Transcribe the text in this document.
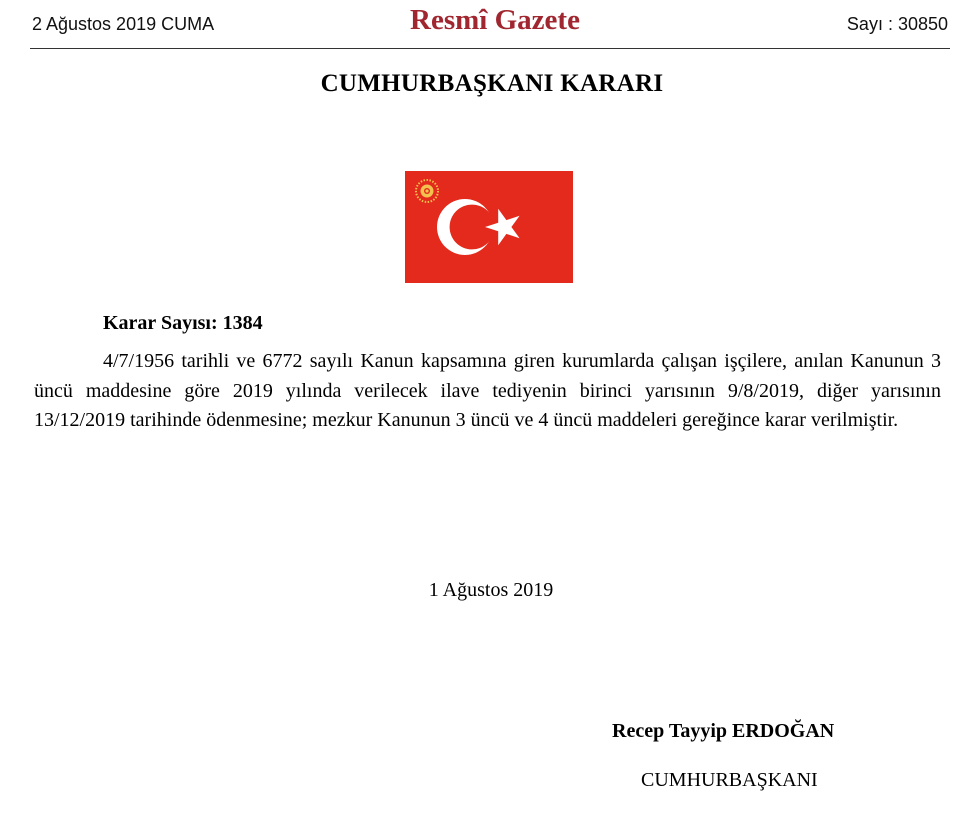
2 Ağustos 2019 CUMA	Resmî Gazete	Sayı : 30850
CUMHURBAŞKANI KARARI
Karar Sayısı: 1384

4/7/1956 tarihli ve 6772 sayılı Kanun kapsamına giren kurumlarda çalışan işçilere, anılan Kanunun 3 üncü maddesine göre 2019 yılında verilecek ilave tediyenin birinci yarısının 9/8/2019, diğer yarısının 13/12/2019 tarihinde ödenmesine; mezkur Kanunun 3 üncü ve 4 üncü maddeleri gereğince karar verilmiştir.

1 Ağustos 2019
Recep Tayyip ERDOĞAN
CUMHURBAŞKANI
